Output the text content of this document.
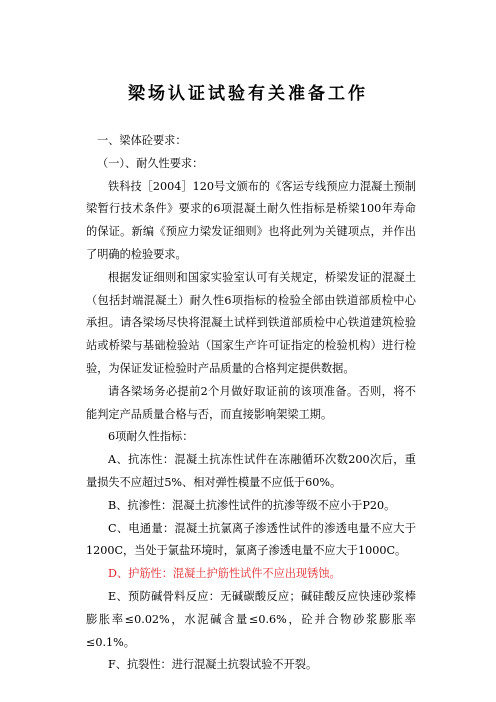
梁场认证试验有关准备工作

一、梁体砼要求：

（一）、耐久性要求：

铁科技［2004］120号文颁布的《客运专线预应力混凝土预制梁暂行技术条件》要求的6项混凝土耐久性指标是桥梁100年寿命的保证。新编《预应力梁发证细则》也将此列为关键项点，并作出了明确的检验要求。

根据发证细则和国家实验室认可有关规定，桥梁发证的混凝土（包括封端混凝土）耐久性6项指标的检验全部由铁道部质检中心承担。请各梁场尽快将混凝土试样到铁道部质检中心铁道建筑检验站或桥梁与基础检验站（国家生产许可证指定的检验机构）进行检验，为保证发证检验时产品质量的合格判定提供数据。

请各梁场务必提前2个月做好取证前的该项准备。否则，将不能判定产品质量合格与否，而直接影响架梁工期。

6项耐久性指标：

A、抗冻性：混凝土抗冻性试件在冻融循环次数200次后，重量损失不应超过5%、相对弹性模量不应低于60%。

B、抗渗性：混凝土抗渗性试件的抗渗等级不应小于P20。

C、电通量：混凝土抗氯离子渗透性试件的渗透电量不应大于1200C，当处于氯盐环境时，氯离子渗透电量不应大于1000C。

D、护筋性：混凝土护筋性试件不应出现锈蚀。

E、预防碱骨料反应：无碱碳酸反应；碱硅酸反应快速砂浆棒膨胀率≤0.02%，水泥碱含量≤0.6%，砼并合物砂浆膨胀率≤0.1%。

F、抗裂性：进行混凝土抗裂试验不开裂。
